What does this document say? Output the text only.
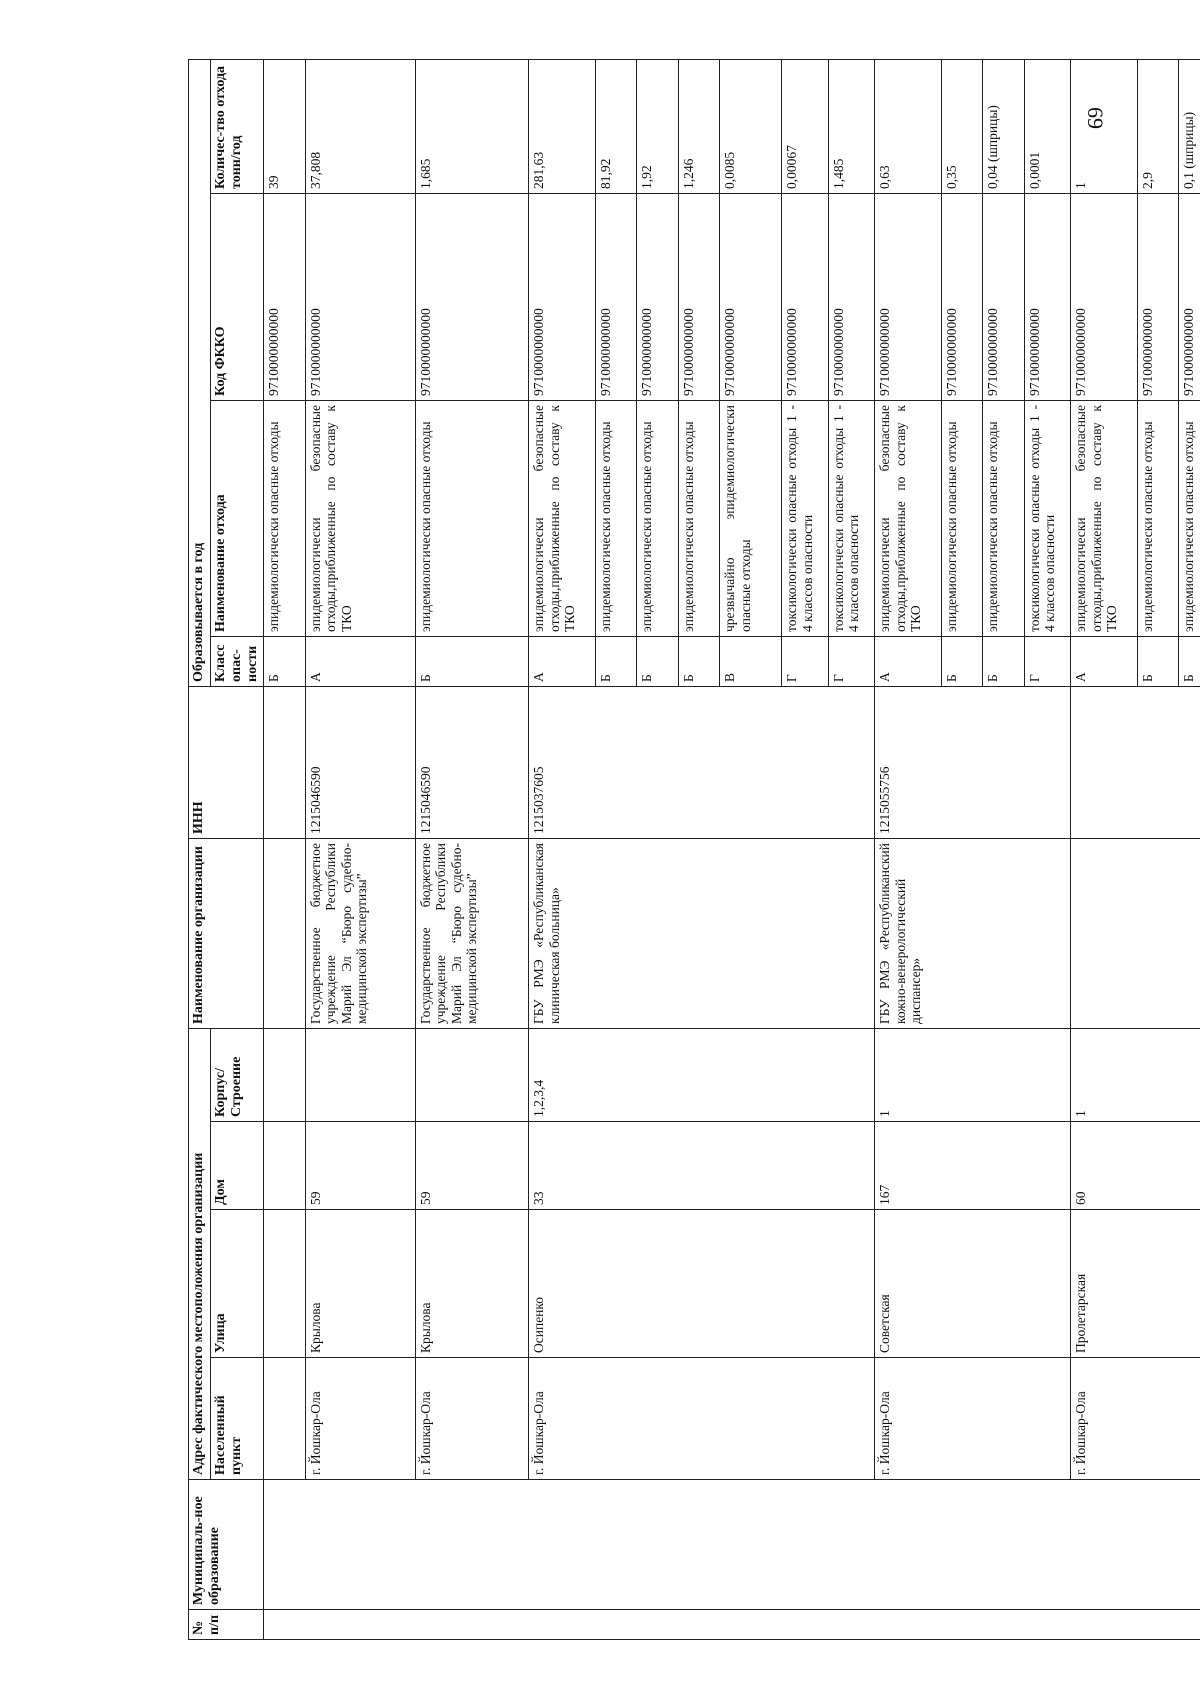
69
№ п/п	Муниципаль-ное образование	Адрес фактического местоположения организации				Наименование организации	ИНН	Образовывается в год			
		Населенный пункт	Улица	Дом	Корпус/ Строение			Класс опас-ности	Наименование отхода	Код ФККО	Количес-тво отхода тонн/год
								Б	эпидемиологически опасные отходы	9710000000000	39
		г. Йошкар-Ола	Крылова	59		Государственное бюджетное учреждение Республики Марий Эл “Бюро судебно-медицинской экспертизы”	1215046590	А	эпидемиологически безопасные отходы,приближенные по составу к ТКО	9710000000000	37,808
		г. Йошкар-Ола	Крылова	59		Государственное бюджетное учреждение Республики Марий Эл “Бюро судебно-медицинской экспертизы”	1215046590	Б	эпидемиологически опасные отходы	9710000000000	1,685
		г. Йошкар-Ола	Осипенко	33	1,2,3,4	ГБУ РМЭ «Республиканская клиническая больница»	1215037605	А	эпидемиологически безопасные отходы,приближенные по составу к ТКО	9710000000000	281,63
								Б	эпидемиологически опасные отходы	9710000000000	81,92
								Б	эпидемиологически опасные отходы	9710000000000	1,92
								Б	эпидемиологически опасные отходы	9710000000000	1,246
								В	чрезвычайно эпидемиологически опасные отходы	9710000000000	0,0085
								Г	токсикологически опасные отходы 1 - 4 классов опасности	9710000000000	0,00067
								Г	токсикологически опасные отходы 1 - 4 классов опасности	9710000000000	1,485
		г. Йошкар-Ола	Советская	167	1	ГБУ РМЭ «Республиканский кожно-венерологический диспансер»	1215055756	А	эпидемиологически безопасные отходы,приближенные по составу к ТКО	9710000000000	0,63
								Б	эпидемиологически опасные отходы	9710000000000	0,35
								Б	эпидемиологически опасные отходы	9710000000000	0,04 (шприцы)
								Г	токсикологически опасные отходы 1 - 4 классов опасности	9710000000000	0,0001
		г. Йошкар-Ола	Пролетарская	60	1			А	эпидемиологически безопасные отходы,приближенные по составу к ТКО	9710000000000	1
								Б	эпидемиологически опасные отходы	9710000000000	2,9
								Б	эпидемиологически опасные отходы	9710000000000	0,1 (шприцы)
